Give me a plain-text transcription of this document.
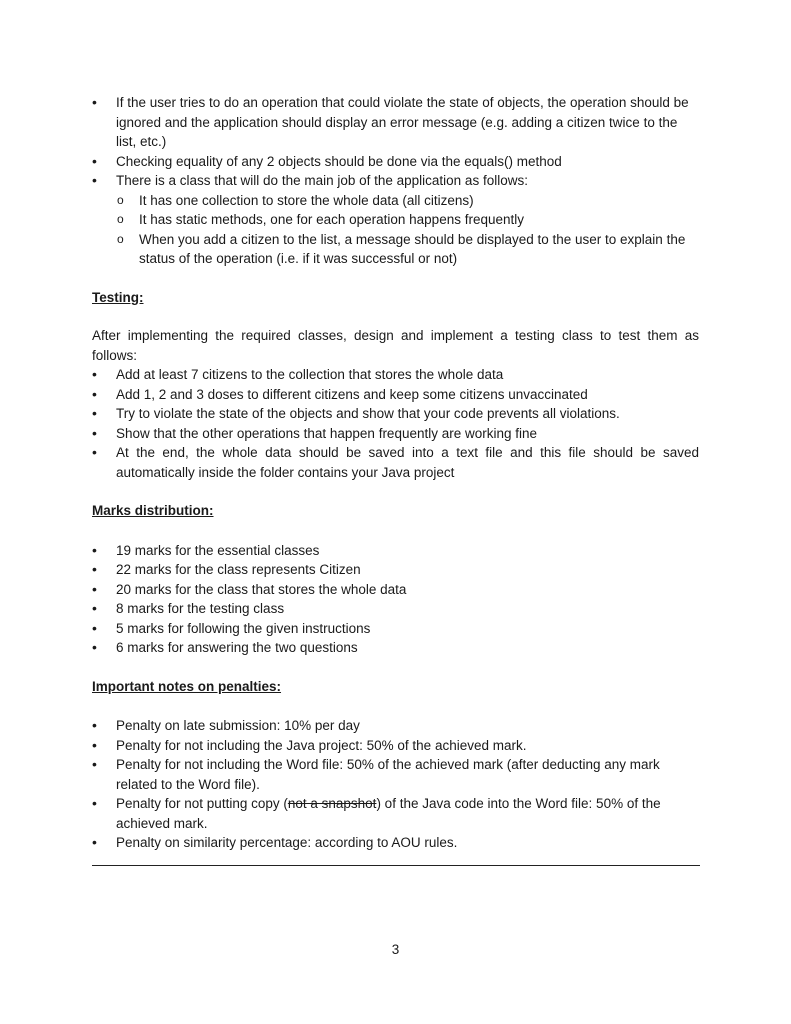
• If the user tries to do an operation that could violate the state of objects, the operation should be ignored and the application should display an error message (e.g. adding a citizen twice to the list, etc.)
• Checking equality of any 2 objects should be done via the equals() method
• There is a class that will do the main job of the application as follows:
o It has one collection to store the whole data (all citizens)
o It has static methods, one for each operation happens frequently
o When you add a citizen to the list, a message should be displayed to the user to explain the status of the operation (i.e. if it was successful or not)

Testing:

After implementing the required classes, design and implement a testing class to test them as follows:

• Add at least 7 citizens to the collection that stores the whole data
• Add 1, 2 and 3 doses to different citizens and keep some citizens unvaccinated
• Try to violate the state of the objects and show that your code prevents all violations.
• Show that the other operations that happen frequently are working fine
• At the end, the whole data should be saved into a text file and this file should be saved automatically inside the folder contains your Java project

Marks distribution:

• 19 marks for the essential classes
• 22 marks for the class represents Citizen
• 20 marks for the class that stores the whole data
• 8 marks for the testing class
• 5 marks for following the given instructions
• 6 marks for answering the two questions

Important notes on penalties:

• Penalty on late submission: 10% per day
• Penalty for not including the Java project: 50% of the achieved mark.
• Penalty for not including the Word file: 50% of the achieved mark (after deducting any mark related to the Word file).
• Penalty for not putting copy (not a snapshot) of the Java code into the Word file: 50% of the achieved mark.
• Penalty on similarity percentage: according to AOU rules.
3
